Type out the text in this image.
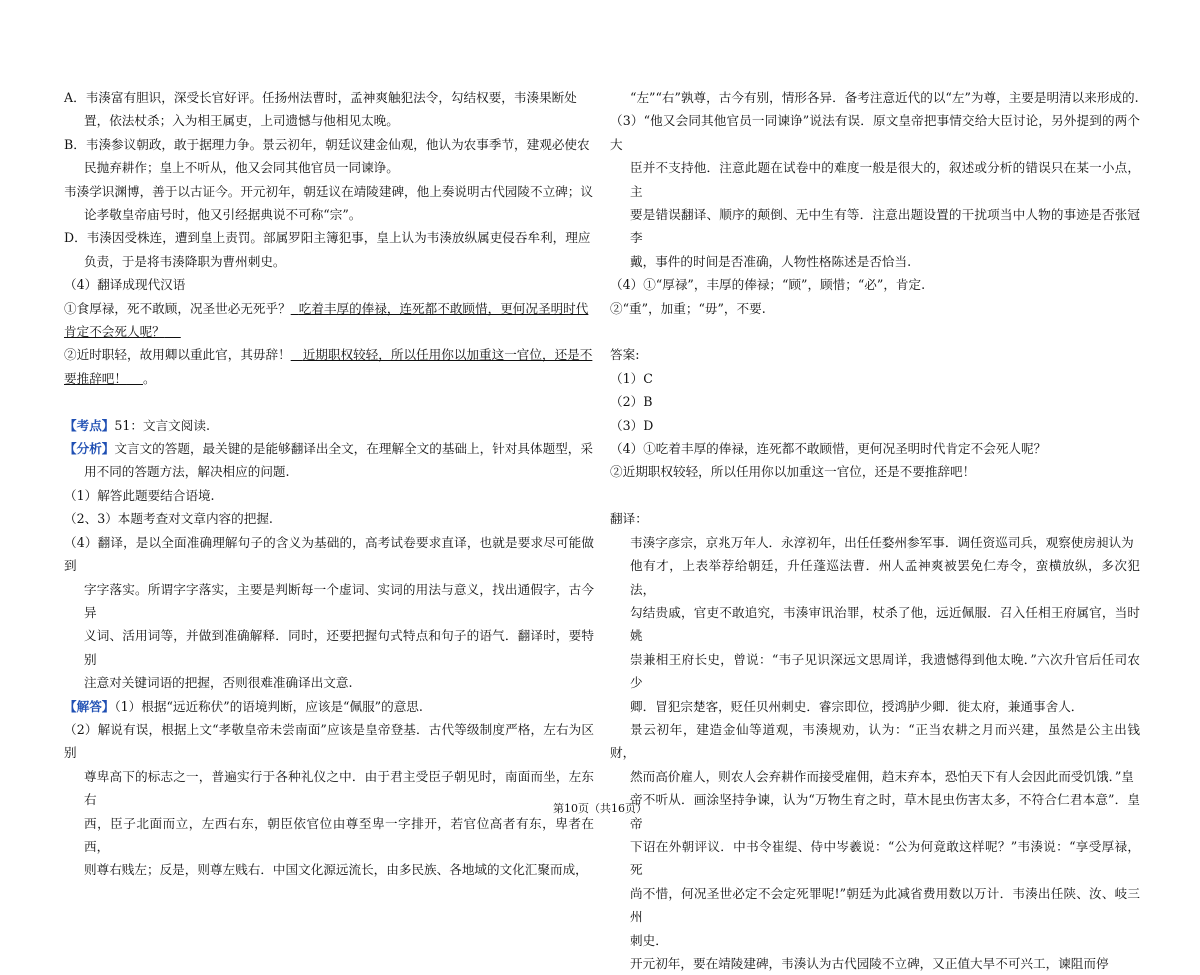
A．韦湊富有胆识，深受长官好评。任扬州法曹时，孟神爽触犯法令，勾结权要，韦湊果断处

置，依法杖杀；入为相王属吏，上司遗憾与他相见太晚。

B．韦湊参议朝政，敢于据理力争。景云初年，朝廷议建金仙观，他认为农事季节，建观必使农

民抛弃耕作；皇上不听从，他又会同其他官员一同谏诤。

韦湊学识渊博，善于以古证今。开元初年，朝廷议在靖陵建碑，他上奏说明古代园陵不立碑；议

论孝敬皇帝庙号时，他又引经据典说不可称“宗”。

D．韦湊因受株连，遭到皇上责罚。部属罗阳主簿犯事，皇上认为韦湊放纵属吏侵吞牟利，理应

负责，于是将韦湊降职为曹州刺史。

（4）翻译成现代汉语

①食厚禄，死不敢顾，况圣世必无死乎？ 吃着丰厚的俸禄，连死都不敢顾惜，更何况圣明时代

肯定不会死人呢？

②近时职轻，故用卿以重此官，其毋辞！ 近期职权较轻，所以任用你以加重这一官位，还是不

要推辞吧！ 。

【考点】51：文言文阅读.

【分析】文言文的答题，最关键的是能够翻译出全文，在理解全文的基础上，针对具体题型，采

用不同的答题方法，解决相应的问题.

（1）解答此题要结合语境.

（2、3）本题考查对文章内容的把握.

（4）翻译，是以全面准确理解句子的含义为基础的，高考试卷要求直译，也就是要求尽可能做到

字字落实。所谓字字落实，主要是判断每一个虚词、实词的用法与意义，找出通假字，古今异

义词、活用词等，并做到准确解释．同时，还要把握句式特点和句子的语气．翻译时，要特别

注意对关键词语的把握，否则很难准确译出文意.

【解答】（1）根据“远近称伏”的语境判断，应该是“佩服”的意思.

（2）解说有误，根据上文“孝敬皇帝未尝南面”应该是皇帝登基．古代等级制度严格，左右为区别

尊卑高下的标志之一，普遍实行于各种礼仪之中．由于君主受臣子朝见时，南面而坐，左东右

西，臣子北面而立，左西右东，朝臣依官位由尊至卑一字排开，若官位高者有东，卑者在西，

则尊右贱左；反是，则尊左贱右．中国文化源远流长，由多民族、各地域的文化汇聚而成，

“左”“右”孰尊，古今有别，情形各异．备考注意近代的以“左”为尊，主要是明清以来形成的.

（3）“他又会同其他官员一同谏诤”说法有误．原文皇帝把事情交给大臣讨论，另外提到的两个大

臣并不支持他．注意此题在试卷中的难度一般是很大的，叙述或分析的错误只在某一小点，主

要是错误翻译、顺序的颠倒、无中生有等．注意出题设置的干扰项当中人物的事迹是否张冠李

戴，事件的时间是否准确，人物性格陈述是否恰当.

（4）①“厚禄”，丰厚的俸禄；“顾”，顾惜；“必”，肯定.

②“重”，加重；“毋”，不要.

答案:

（1）C

（2）B

（3）D

（4）①吃着丰厚的俸禄，连死都不敢顾惜，更何况圣明时代肯定不会死人呢？

②近期职权较轻，所以任用你以加重这一官位，还是不要推辞吧！

翻译：

韦湊字彦宗，京兆万年人．永淳初年，出任任婺州参军事．调任资巡司兵，观察使房昶认为

他有才，上表举荐给朝廷，升任蓬巡法曹．州人孟神爽被罢免仁寿令，蛮横放纵，多次犯法，

勾结贵戚，官吏不敢追究，韦湊审讯治罪，杖杀了他，远近佩服．召入任相王府属官，当时姚

崇兼相王府长史，曾说：“韦子见识深远文思周详，我遗憾得到他太晚．”六次升官后任司农少

卿．冒犯宗楚客，贬任贝州刺史．睿宗即位，授鸿胪少卿．徙太府，兼通事舍人．

景云初年，建造金仙等道观，韦湊规劝，认为：“正当农耕之月而兴建，虽然是公主出钱财，

然而高价雇人，则农人会弃耕作而接受雇佣，趋末弃本，恐怕天下有人会因此而受饥饿．”皇

帝不听从．画涂坚持争谏，认为“万物生育之时，草木昆虫伤害太多，不符合仁君本意”．皇帝

下诏在外朝评议．中书令崔缇、侍中岑羲说：“公为何竟敢这样呢？”韦湊说：“享受厚禄，死

尚不惜，何况圣世必定不会定死罪呢!”朝廷为此减省费用数以万计．韦湊出任陕、汝、岐三州

刺史．

开元初年，要在靖陵建碑，韦湊认为古代园陵不立碑，又正值大旱不可兴工，谏阻而停

第10页（共16页）
